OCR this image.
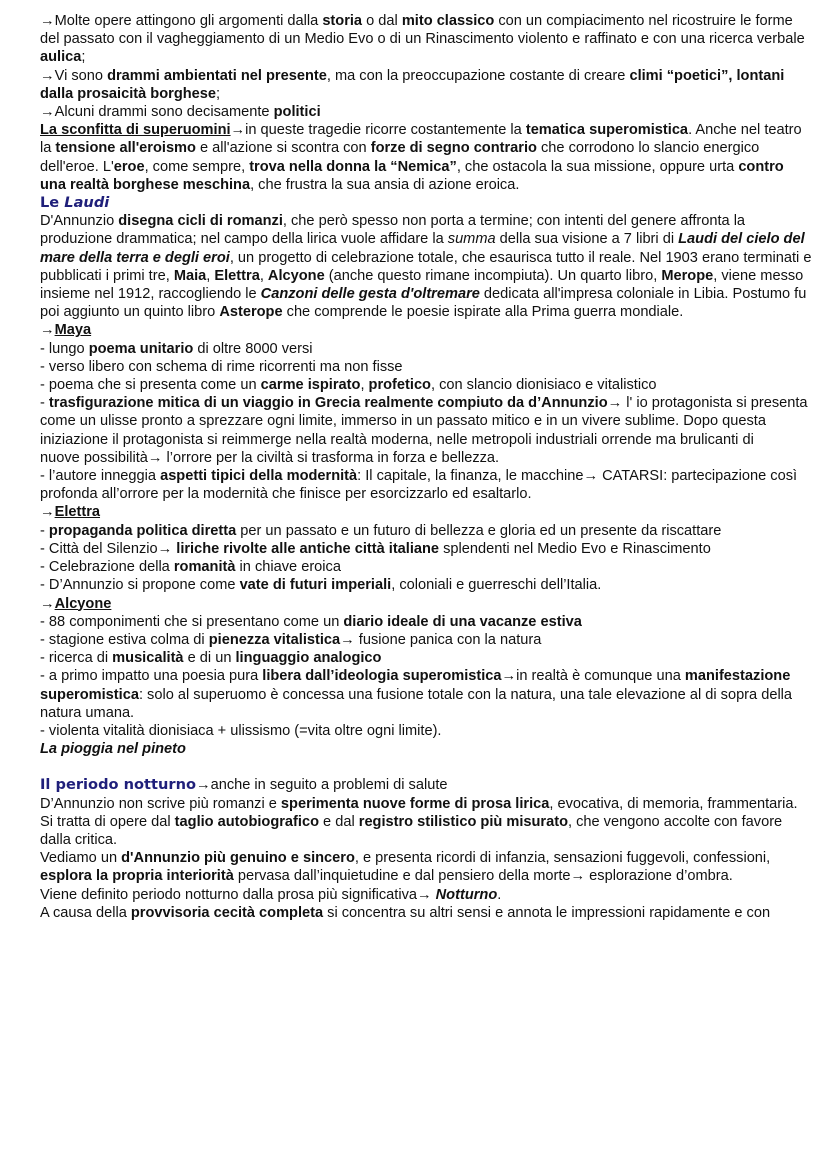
→Molte opere attingono gli argomenti dalla storia o dal mito classico con un compiacimento nel ricostruire le forme del passato con il vagheggiamento di un Medio Evo o di un Rinascimento violento e raffinato e con una ricerca verbale aulica;

→Vi sono drammi ambientati nel presente, ma con la preoccupazione costante di creare climi “poetici”, lontani dalla prosaicità borghese;

→Alcuni drammi sono decisamente politici

La sconfitta di superuomini→in queste tragedie ricorre costantemente la tematica superomistica. Anche nel teatro la tensione all'eroismo e all'azione si scontra con forze di segno contrario che corrodono lo slancio energico dell'eroe. L'eroe, come sempre, trova nella donna la “Nemica”, che ostacola la sua missione, oppure urta contro una realtà borghese meschina, che frustra la sua ansia di azione eroica.

Le Laudi

D'Annunzio disegna cicli di romanzi, che però spesso non porta a termine; con intenti del genere affronta la produzione drammatica; nel campo della lirica vuole affidare la summa della sua visione a 7 libri di Laudi del cielo del mare della terra e degli eroi, un progetto di celebrazione totale, che esaurisca tutto il reale. Nel 1903 erano terminati e pubblicati i primi tre, Maia, Elettra, Alcyone (anche questo rimane incompiuta). Un quarto libro, Merope, viene messo insieme nel 1912, raccogliendo le Canzoni delle gesta d'oltremare dedicata all'impresa coloniale in Libia. Postumo fu poi aggiunto un quinto libro Asterope che comprende le poesie ispirate alla Prima guerra mondiale.

→Maya

- lungo poema unitario di oltre 8000 versi

- verso libero con schema di rime ricorrenti ma non fisse

- poema che si presenta come un carme ispirato, profetico, con slancio dionisiaco e vitalistico

- trasfigurazione mitica di un viaggio in Grecia realmente compiuto da d’Annunzio→ l' io protagonista si presenta

come un ulisse pronto a sprezzare ogni limite, immerso in un passato mitico e in un vivere sublime. Dopo questa

iniziazione il protagonista si reimmerge nella realtà moderna, nelle metropoli industriali orrende ma brulicanti di

nuove possibilità→ l’orrore per la civiltà si trasforma in forza e bellezza.

- l’autore inneggia aspetti tipici della modernità: Il capitale, la finanza, le macchine→ CATARSI: partecipazione così

profonda all’orrore per la modernità che finisce per esorcizzarlo ed esaltarlo.

→Elettra

- propaganda politica diretta per un passato e un futuro di bellezza e gloria ed un presente da riscattare

- Città del Silenzio→ liriche rivolte alle antiche città italiane splendenti nel Medio Evo e Rinascimento

- Celebrazione della romanità in chiave eroica

- D’Annunzio si propone come vate di futuri imperiali, coloniali e guerreschi dell’Italia.

→Alcyone

- 88 componimenti che si presentano come un diario ideale di una vacanze estiva

- stagione estiva colma di pienezza vitalistica→ fusione panica con la natura

- ricerca di musicalità e di un linguaggio analogico

- a primo impatto una poesia pura libera dall’ideologia superomistica→in realtà è comunque una manifestazione

superomistica: solo al superuomo è concessa una fusione totale con la natura, una tale elevazione al di sopra della

natura umana.

- violenta vitalità dionisiaca + ulissismo (=vita oltre ogni limite).

La pioggia nel pineto

Il periodo notturno→anche in seguito a problemi di salute

D’Annunzio non scrive più romanzi e sperimenta nuove forme di prosa lirica, evocativa, di memoria, frammentaria.

Si tratta di opere dal taglio autobiografico e dal registro stilistico più misurato, che vengono accolte con favore dalla critica.

Vediamo un d'Annunzio più genuino e sincero, e presenta ricordi di infanzia, sensazioni fuggevoli, confessioni, esplora la propria interiorità pervasa dall’inquietudine e dal pensiero della morte→ esplorazione d’ombra.

Viene definito periodo notturno dalla prosa più significativa→ Notturno.

A causa della provvisoria cecità completa si concentra su altri sensi e annota le impressioni rapidamente e con
